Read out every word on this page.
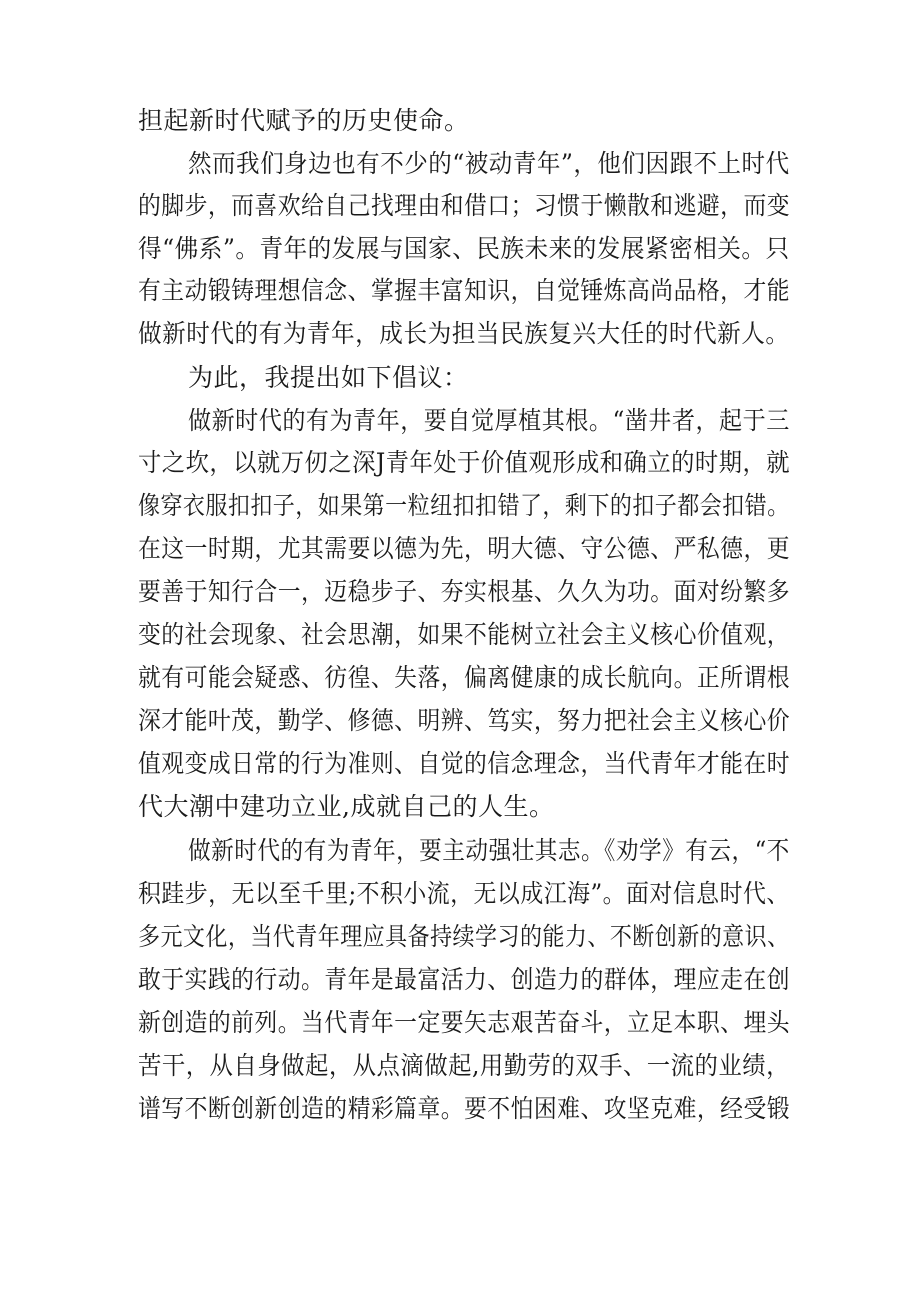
担起新时代赋予的历史使命。

然而我们身边也有不少的“被动青年”，他们因跟不上时代

的脚步，而喜欢给自己找理由和借口；习惯于懒散和逃避，而变

得“佛系”。青年的发展与国家、民族未来的发展紧密相关。只

有主动锻铸理想信念、掌握丰富知识，自觉锤炼高尚品格，才能

做新时代的有为青年，成长为担当民族复兴大任的时代新人。

为此，我提出如下倡议：

做新时代的有为青年，要自觉厚植其根。“凿井者，起于三

寸之坎，以就万仞之深J青年处于价值观形成和确立的时期，就

像穿衣服扣扣子，如果第一粒纽扣扣错了，剩下的扣子都会扣错。

在这一时期，尤其需要以德为先，明大德、守公德、严私德，更

要善于知行合一，迈稳步子、夯实根基、久久为功。面对纷繁多

变的社会现象、社会思潮，如果不能树立社会主义核心价值观，

就有可能会疑惑、彷徨、失落，偏离健康的成长航向。正所谓根

深才能叶茂，勤学、修德、明辨、笃实，努力把社会主义核心价

值观变成日常的行为准则、自觉的信念理念，当代青年才能在时

代大潮中建功立业,成就自己的人生。

做新时代的有为青年，要主动强壮其志。《劝学》有云，“不

积跬步，无以至千里;不积小流，无以成江海”。面对信息时代、

多元文化，当代青年理应具备持续学习的能力、不断创新的意识、

敢于实践的行动。青年是最富活力、创造力的群体，理应走在创

新创造的前列。当代青年一定要矢志艰苦奋斗，立足本职、埋头

苦干，从自身做起，从点滴做起,用勤劳的双手、一流的业绩，

谱写不断创新创造的精彩篇章。要不怕困难、攻坚克难，经受锻
